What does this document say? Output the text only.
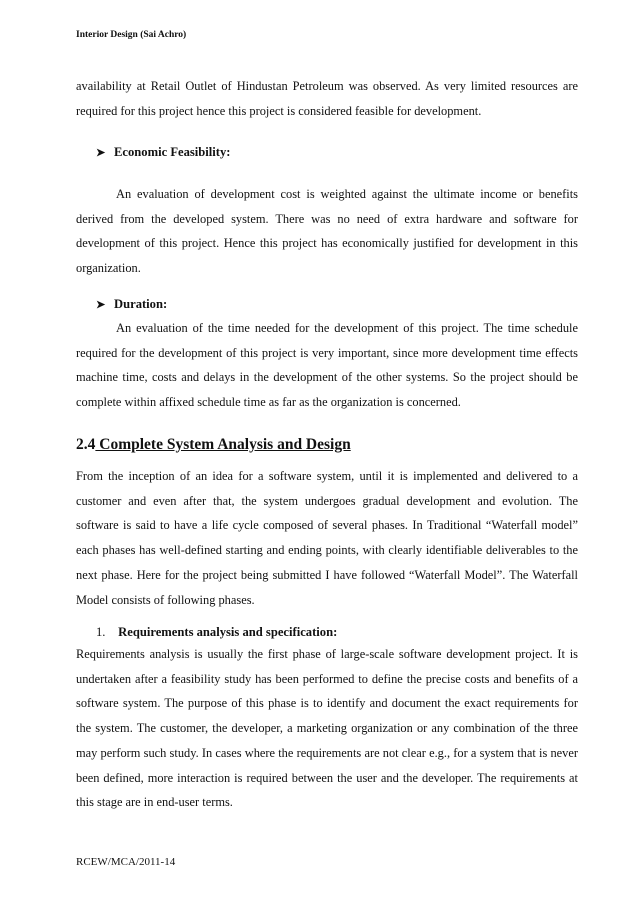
Interior Design (Sai Achro)

availability at Retail Outlet of Hindustan Petroleum was observed. As very limited resources are required for this project hence this project is considered feasible for development.

➤ Economic Feasibility:

An evaluation of development cost is weighted against the ultimate income or benefits derived from the developed system. There was no need of extra hardware and software for development of this project. Hence this project has economically justified for development in this organization.

➤ Duration:

An evaluation of the time needed for the development of this project. The time schedule required for the development of this project is very important, since more development time effects machine time, costs and delays in the development of the other systems. So the project should be complete within affixed schedule time as far as the organization is concerned.

2.4 Complete System Analysis and Design

From the inception of an idea for a software system, until it is implemented and delivered to a customer and even after that, the system undergoes gradual development and evolution. The software is said to have a life cycle composed of several phases. In Traditional “Waterfall model” each phases has well-defined starting and ending points, with clearly identifiable deliverables to the next phase. Here for the project being submitted I have followed “Waterfall Model”. The Waterfall Model consists of following phases.

1. Requirements analysis and specification:

Requirements analysis is usually the first phase of large-scale software development project. It is undertaken after a feasibility study has been performed to define the precise costs and benefits of a software system. The purpose of this phase is to identify and document the exact requirements for the system. The customer, the developer, a marketing organization or any combination of the three may perform such study. In cases where the requirements are not clear e.g., for a system that is never been defined, more interaction is required between the user and the developer. The requirements at this stage are in end-user terms.

RCEW/MCA/2011-14
